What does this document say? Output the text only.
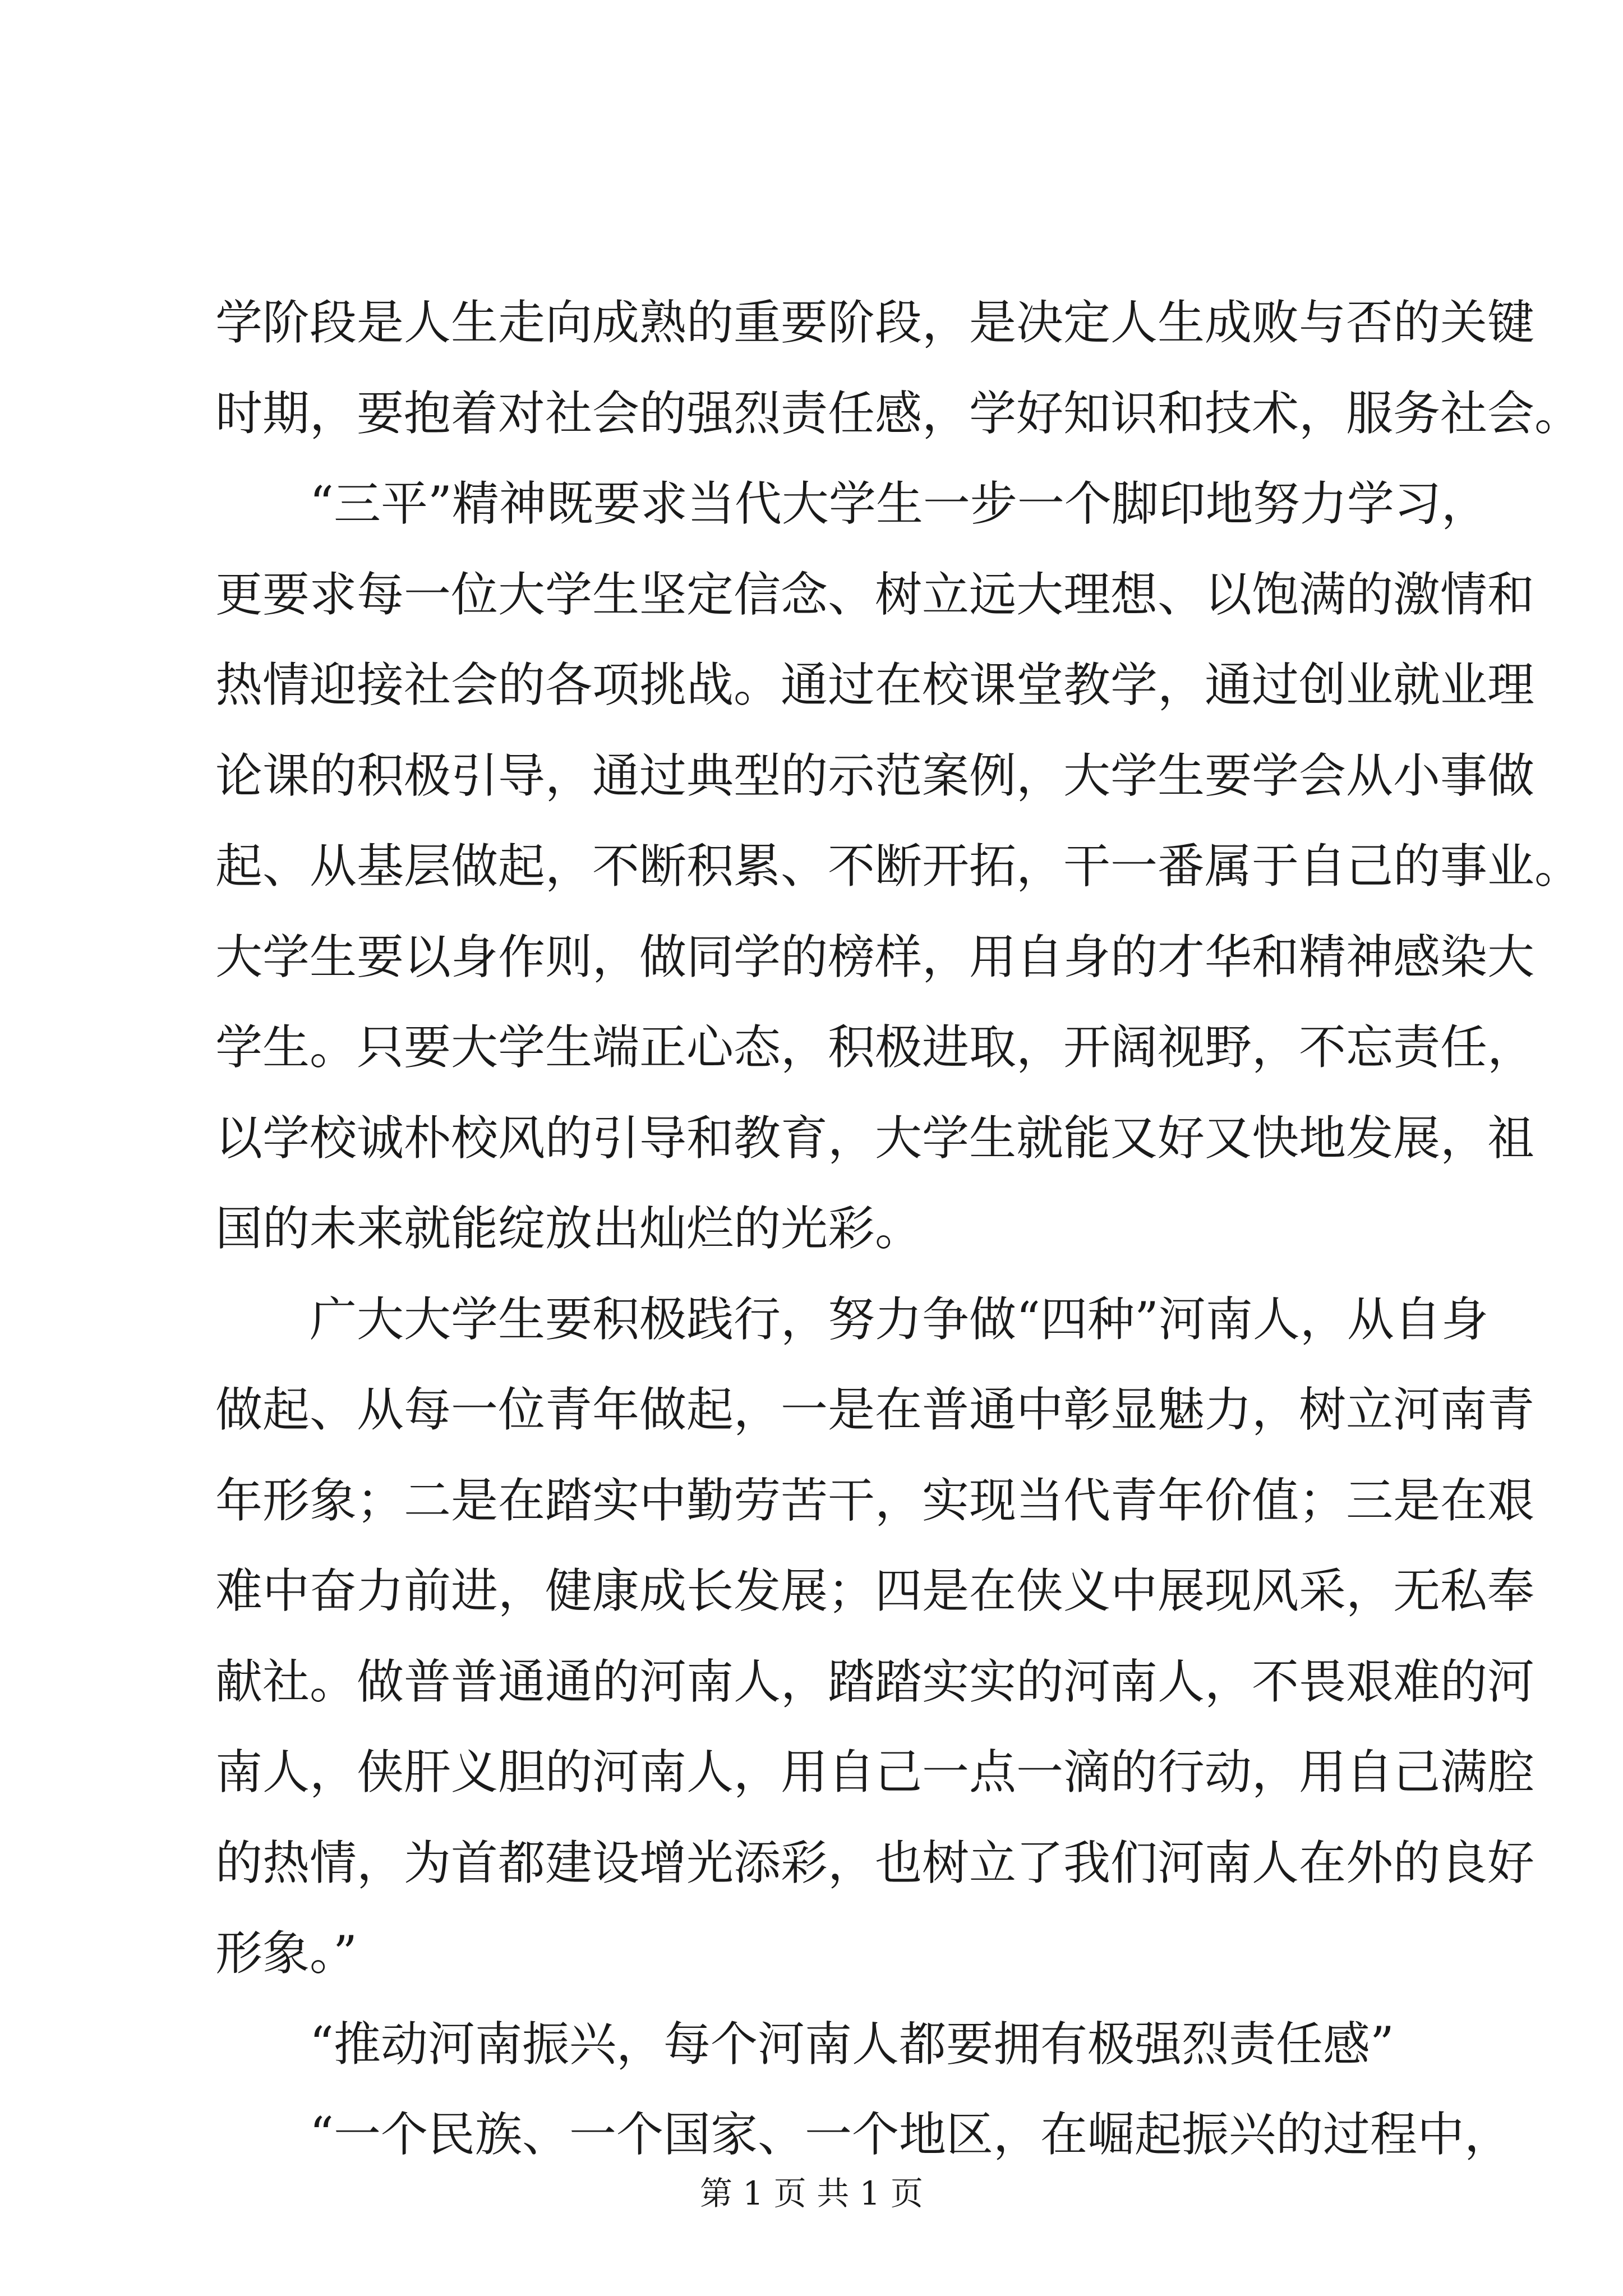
学阶段是人生走向成熟的重要阶段，是决定人生成败与否的关键
时期，要抱着对社会的强烈责任感，学好知识和技术，服务社会。
“三平”精神既要求当代大学生一步一个脚印地努力学习，
更要求每一位大学生坚定信念、树立远大理想、以饱满的激情和
热情迎接社会的各项挑战。通过在校课堂教学，通过创业就业理
论课的积极引导，通过典型的示范案例，大学生要学会从小事做
起、从基层做起，不断积累、不断开拓，干一番属于自己的事业。
大学生要以身作则，做同学的榜样，用自身的才华和精神感染大
学生。只要大学生端正心态，积极进取，开阔视野，不忘责任，
以学校诚朴校风的引导和教育，大学生就能又好又快地发展，祖
国的未来就能绽放出灿烂的光彩。
广大大学生要积极践行，努力争做“四种”河南人，从自身
做起、从每一位青年做起，一是在普通中彰显魅力，树立河南青
年形象；二是在踏实中勤劳苦干，实现当代青年价值；三是在艰
难中奋力前进，健康成长发展；四是在侠义中展现风采，无私奉
献社。做普普通通的河南人，踏踏实实的河南人，不畏艰难的河
南人，侠肝义胆的河南人，用自己一点一滴的行动，用自己满腔
的热情，为首都建设增光添彩，也树立了我们河南人在外的良好
形象。”
“推动河南振兴，每个河南人都要拥有极强烈责任感”
“一个民族、一个国家、一个地区，在崛起振兴的过程中，
第 1 页 共 1 页
